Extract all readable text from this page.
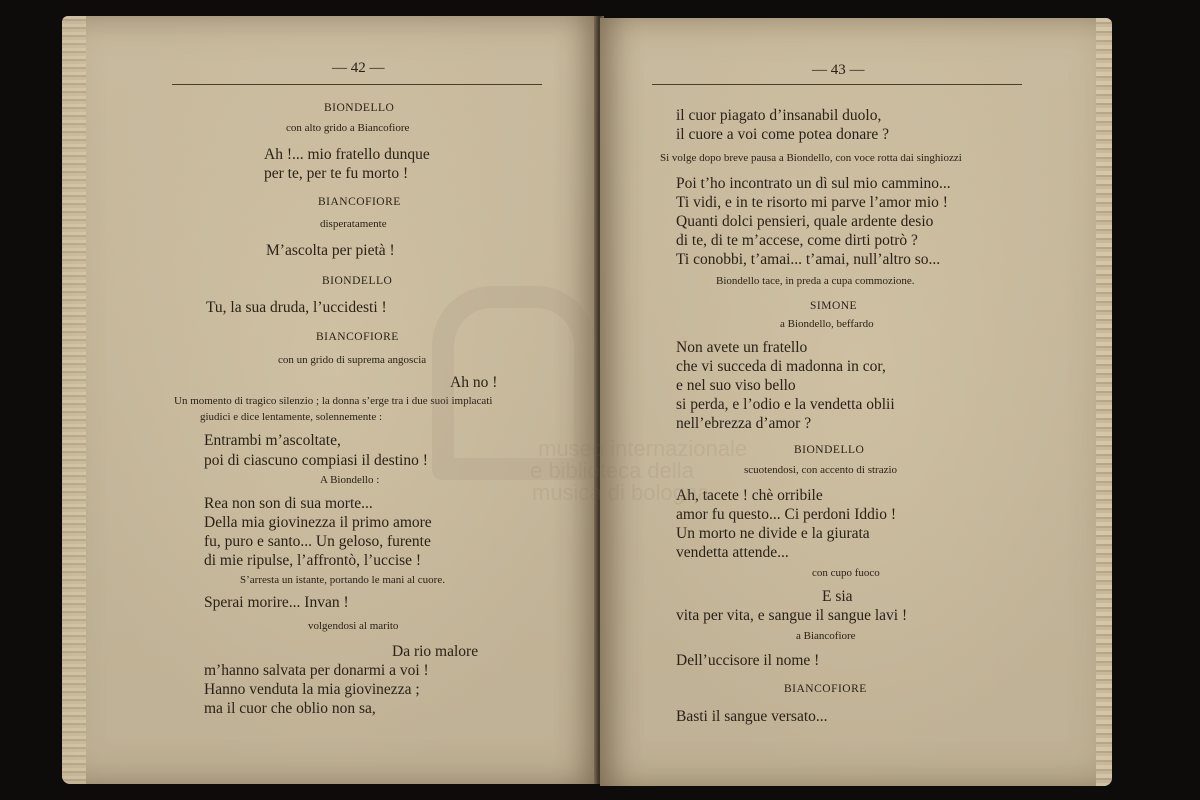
— 42 —
BIONDELLO
con alto grido a Biancofiore
Ah !... mio fratello dunque
per te, per te fu morto !
BIANCOFIORE
disperatamente
M’ascolta per pietà !
BIONDELLO
Tu, la sua druda, l’uccidesti !
BIANCOFIORE
con un grido di suprema angoscia
Ah no !
Un momento di tragico silenzio ; la donna s’erge tra i due suoi implacati
giudici e dice lentamente, solennemente :
Entrambi m’ascoltate,
poi di ciascuno compiasi il destino !
A Biondello :
Rea non son di sua morte...
Della mia giovinezza il primo amore
fu, puro e santo... Un geloso, furente
di mie ripulse, l’affrontò, l’uccise !
S’arresta un istante, portando le mani al cuore.
Sperai morire... Invan !
volgendosi al marito
Da rio malore
m’hanno salvata per donarmi a voi !
Hanno venduta la mia giovinezza ;
ma il cuor che oblio non sa,
— 43 —
il cuor piagato d’insanabil duolo,
il cuore a voi come potea donare ?
Si volge dopo breve pausa a Biondello, con voce rotta dai singhiozzi
Poi t’ho incontrato un dì sul mio cammino...
Ti vidi, e in te risorto mi parve l’amor mio !
Quanti dolci pensieri, quale ardente desio
di te, di te m’accese, come dirti potrò ?
Ti conobbi, t’amai... t’amai, null’altro so...
Biondello tace, in preda a cupa commozione.
SIMONE
a Biondello, beffardo
Non avete un fratello
che vi succeda di madonna in cor,
e nel suo viso bello
si perda, e l’odio e la vendetta oblii
nell’ebrezza d’amor ?
BIONDELLO
scuotendosi, con accento di strazio
Ah, tacete ! chè orribile
amor fu questo... Ci perdoni Iddio !
Un morto ne divide e la giurata
vendetta attende...
con cupo fuoco
E sia
vita per vita, e sangue il sangue lavi !
a Biancofiore
Dell’uccisore il nome !
BIANCOFIORE
Basti il sangue versato...
museo internazionale
e biblioteca della
musica di bologna
